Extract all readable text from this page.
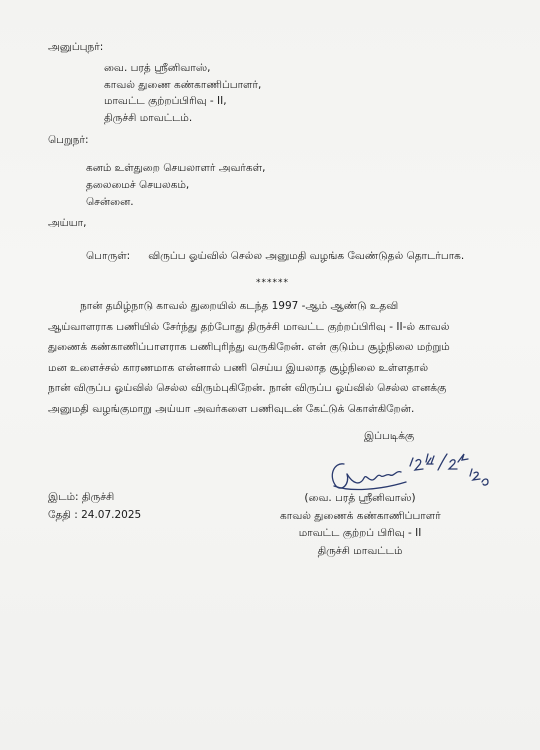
அனுப்புநர்:
வை. பரத் ஸ்ரீனிவாஸ்,
காவல் துணை கண்காணிப்பாளர்,
மாவட்ட குற்றப்பிரிவு - II,
திருச்சி மாவட்டம்.
பெறுநர்:
கனம் உள்துறை செயலாளர் அவர்கள்,
தலைமைச் செயலகம்,
சென்னை.
அய்யா,
பொருள்: விருப்ப ஓய்வில் செல்ல அனுமதி வழங்க வேண்டுதல் தொடர்பாக.
******

நான் தமிழ்நாடு காவல் துறையில் கடந்த 1997 -ஆம் ஆண்டு உதவி

ஆய்வாளராக பணியில் சேர்ந்து தற்போது திருச்சி மாவட்ட குற்றப்பிரிவு - II-ல் காவல்

துணைக் கண்காணிப்பாளராக பணிபுரிந்து வருகிறேன். என் குடும்ப சூழ்நிலை மற்றும்

மன உளைச்சல் காரணமாக என்னால் பணி செய்ய இயலாத சூழ்நிலை உள்ளதால்

நான் விருப்ப ஓய்வில் செல்ல விரும்புகிறேன். நான் விருப்ப ஓய்வில் செல்ல எனக்கு

அனுமதி வழங்குமாறு அய்யா அவர்களை பணிவுடன் கேட்டுக் கொள்கிறேன்.

இப்படிக்கு
(வை. பரத் ஸ்ரீனிவாஸ்)
காவல் துணைக் கண்காணிப்பாளர்
மாவட்ட குற்றப் பிரிவு - II
திருச்சி மாவட்டம்
இடம்: திருச்சி
தேதி : 24.07.2025
